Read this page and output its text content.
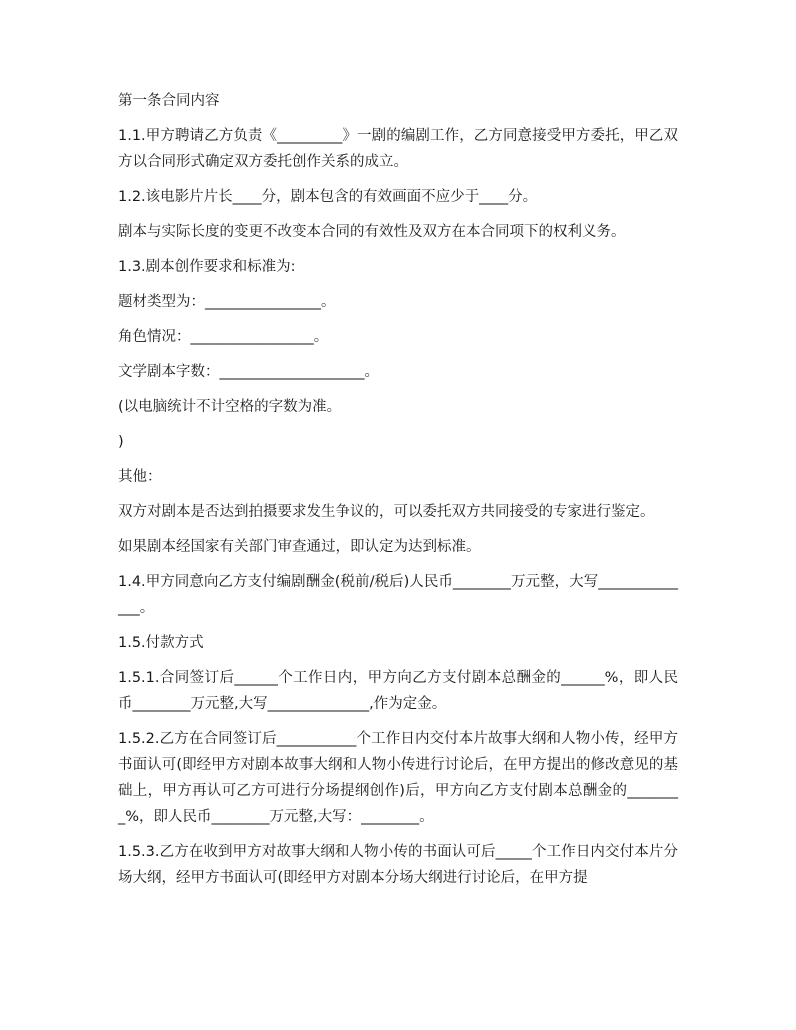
第一条合同内容

1.1.甲方聘请乙方负责《_________》一剧的编剧工作，乙方同意接受甲方委托，甲乙双方以合同形式确定双方委托创作关系的成立。

1.2.该电影片片长____分，剧本包含的有效画面不应少于____分。

剧本与实际长度的变更不改变本合同的有效性及双方在本合同项下的权利义务。

1.3.剧本创作要求和标准为:

题材类型为：________________。

角色情况：_________________。

文学剧本字数：____________________。

(以电脑统计不计空格的字数为准。

)

其他：

双方对剧本是否达到拍摄要求发生争议的，可以委托双方共同接受的专家进行鉴定。

如果剧本经国家有关部门审查通过，即认定为达到标准。

1.4.甲方同意向乙方支付编剧酬金(税前/税后)人民币________万元整，大写______________。

1.5.付款方式

1.5.1.合同签订后______个工作日内，甲方向乙方支付剧本总酬金的______%，即人民币________万元整,大写______________,作为定金。

1.5.2.乙方在合同签订后___________个工作日内交付本片故事大纲和人物小传，经甲方书面认可(即经甲方对剧本故事大纲和人物小传进行讨论后，在甲方提出的修改意见的基础上，甲方再认可乙方可进行分场提纲创作)后，甲方向乙方支付剧本总酬金的________%，即人民币________万元整,大写：________。

1.5.3.乙方在收到甲方对故事大纲和人物小传的书面认可后_____个工作日内交付本片分场大纲，经甲方书面认可(即经甲方对剧本分场大纲进行讨论后，在甲方提
